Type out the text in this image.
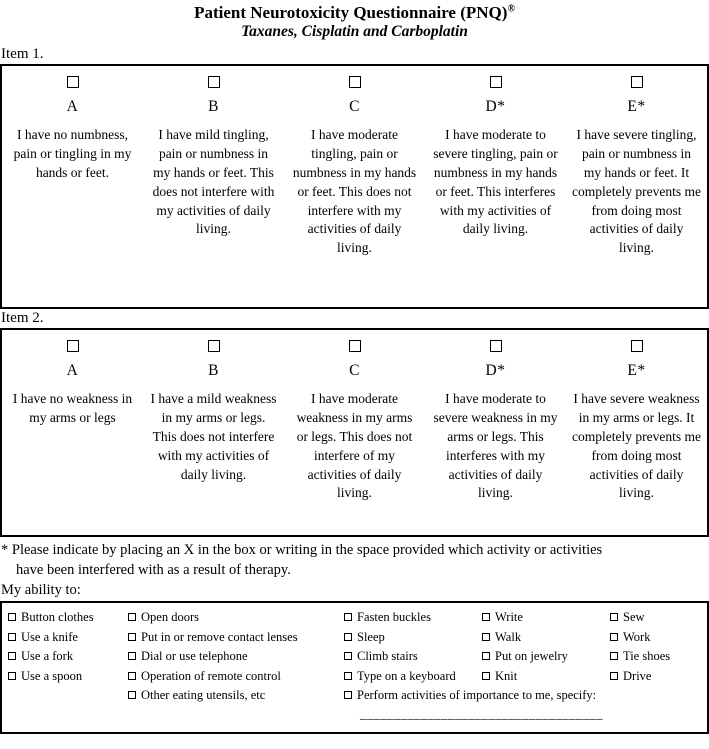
Patient Neurotoxicity Questionnaire (PNQ)®
Taxanes, Cisplatin and Carboplatin
Item 1.
A
I have no numbness, pain or tingling in my hands or feet.
B
I have mild tingling, pain or numbness in my hands or feet. This does not interfere with my activities of daily living.
C
I have moderate tingling, pain or numbness in my hands or feet. This does not interfere with my activities of daily living.
D*
I have moderate to severe tingling, pain or numbness in my hands or feet. This interferes with my activities of daily living.
E*
I have severe tingling, pain or numbness in my hands or feet. It completely prevents me from doing most activities of daily living.
Item 2.
A
I have no weakness in my arms or legs
B
I have a mild weakness in my arms or legs. This does not interfere with my activities of daily living.
C
I have moderate weakness in my arms or legs. This does not interfere of my activities of daily living.
D*
I have moderate to severe weakness in my arms or legs. This interferes with my activities of daily living.
E*
I have severe weakness in my arms or legs. It completely prevents me from doing most activities of daily living.
* Please indicate by placing an X in the box or writing in the space provided which activity or activities
have been interfered with as a result of therapy.
My ability to:
Button clothes
Use a knife
Use a fork
Use a spoon
Open doors
Put in or remove contact lenses
Dial or use telephone
Operation of remote control
Other eating utensils, etc
Fasten buckles
Sleep
Climb stairs
Type on a keyboard
Perform activities of importance to me, specify:
Write
Walk
Put on jewelry
Knit
Sew
Work
Tie shoes
Drive
____________________________________
